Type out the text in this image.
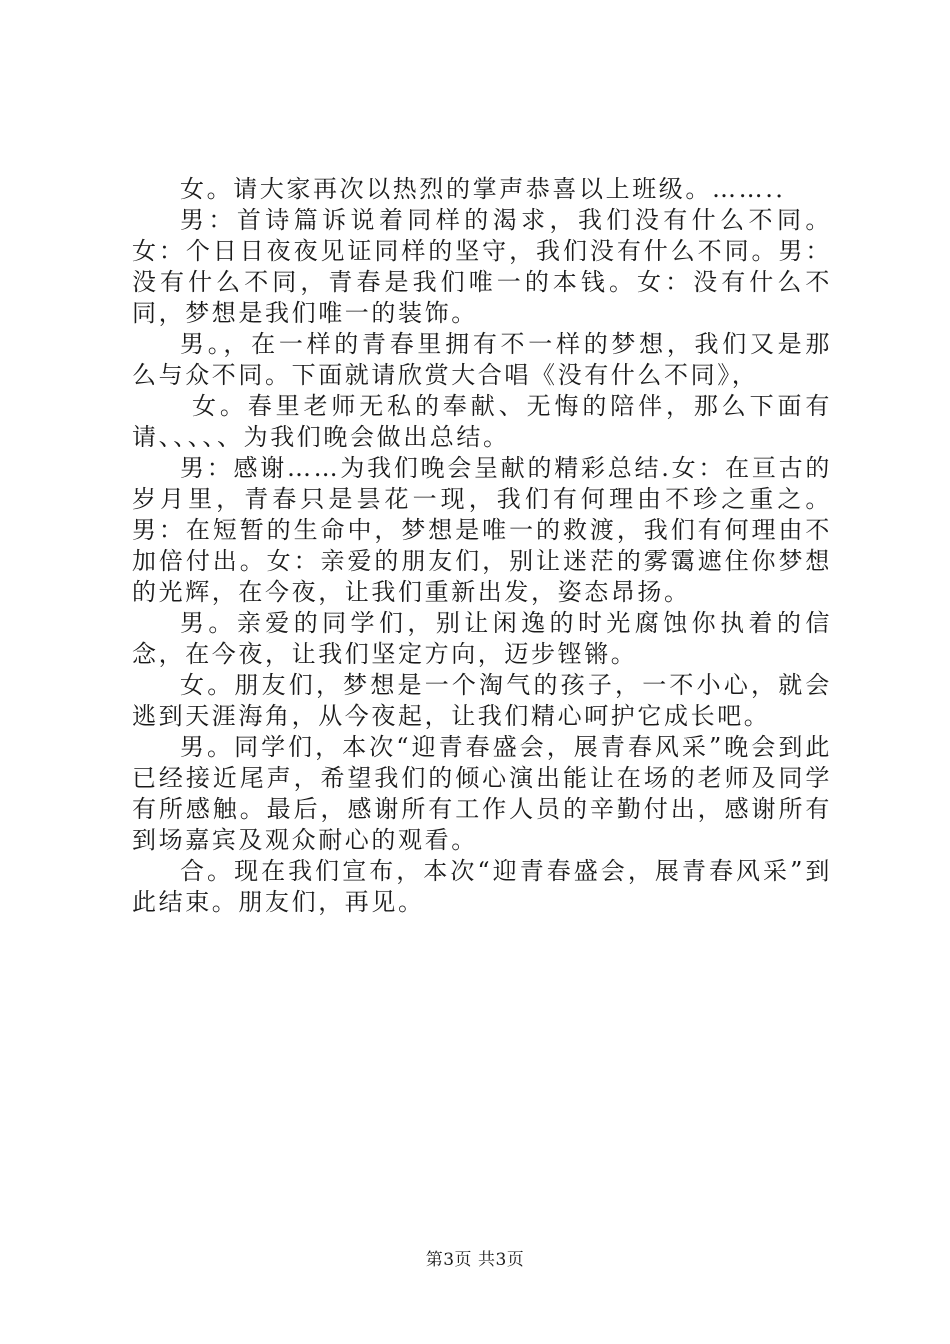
女。请大家再次以热烈的掌声恭喜以上班级。…….．

男：首诗篇诉说着同样的渴求，我们没有什么不同。女：个日日夜夜见证同样的坚守，我们没有什么不同。男：没有什么不同，青春是我们唯一的本钱。女：没有什么不同，梦想是我们唯一的装饰。

男。，在一样的青春里拥有不一样的梦想，我们又是那么与众不同。下面就请欣赏大合唱《没有什么不同》，

女。春里老师无私的奉献、无悔的陪伴，那么下面有请、、、、、为我们晚会做出总结。

男：感谢……为我们晚会呈献的精彩总结.女：在亘古的岁月里，青春只是昙花一现，我们有何理由不珍之重之。男：在短暂的生命中，梦想是唯一的救渡，我们有何理由不加倍付出。女：亲爱的朋友们，别让迷茫的雾霭遮住你梦想的光辉，在今夜，让我们重新出发，姿态昂扬。

男。亲爱的同学们，别让闲逸的时光腐蚀你执着的信念，在今夜，让我们坚定方向，迈步铿锵。

女。朋友们，梦想是一个淘气的孩子，一不小心，就会逃到天涯海角，从今夜起，让我们精心呵护它成长吧。

男。同学们，本次“迎青春盛会，展青春风采”晚会到此已经接近尾声，希望我们的倾心演出能让在场的老师及同学有所感触。最后，感谢所有工作人员的辛勤付出，感谢所有到场嘉宾及观众耐心的观看。

合。现在我们宣布，本次“迎青春盛会，展青春风采”到此结束。朋友们，再见。

第3页 共3页
